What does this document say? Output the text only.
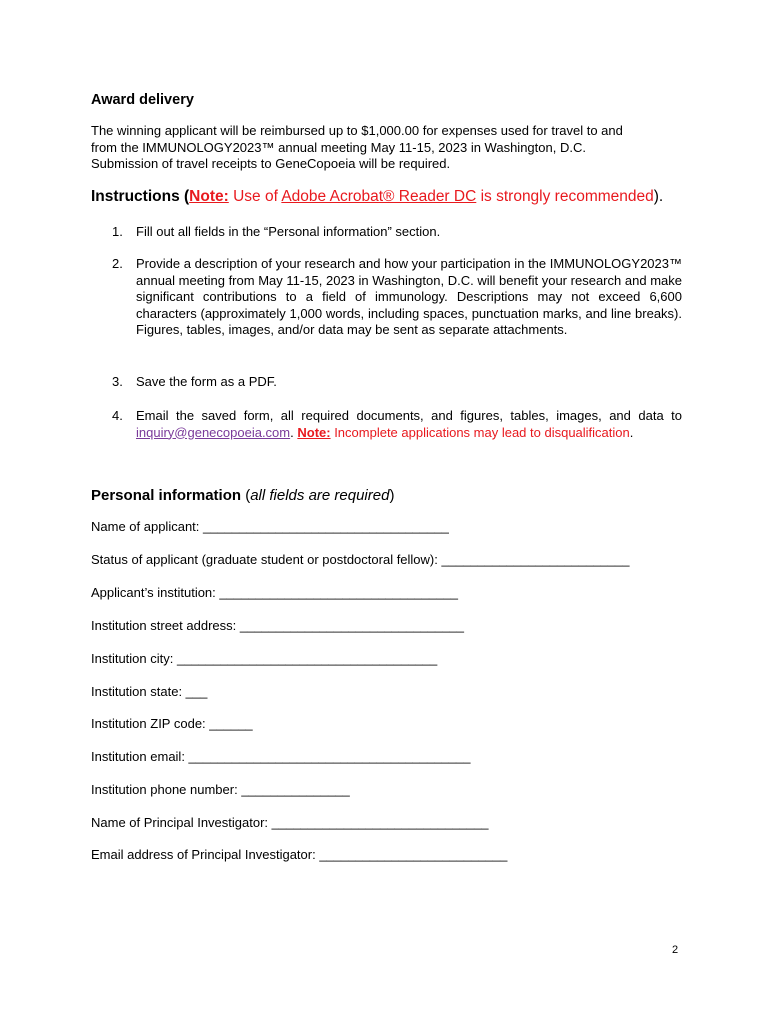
Award delivery

The winning applicant will be reimbursed up to $1,000.00 for expenses used for travel to and
from the IMMUNOLOGY2023™ annual meeting May 11-15, 2023 in Washington, D.C.
Submission of travel receipts to GeneCopoeia will be required.

Instructions (Note: Use of Adobe Acrobat® Reader DC is strongly recommended).
1.	Fill out all fields in the “Personal information” section.
2.	Provide a description of your research and how your participation in the IMMUNOLOGY2023™ annual meeting from May 11-15, 2023 in Washington, D.C. will benefit your research and make significant contributions to a field of immunology. Descriptions may not exceed 6,600 characters (approximately 1,000 words, including spaces, punctuation marks, and line breaks). Figures, tables, images, and/or data may be sent as separate attachments.
3.	Save the form as a PDF.
4.	Email the saved form, all required documents, and figures, tables, images, and data to inquiry@genecopoeia.com. Note: Incomplete applications may lead to disqualification.
Personal information (all fields are required)
Name of applicant: __________________________________
Status of applicant (graduate student or postdoctoral fellow): __________________________
Applicant’s institution: _________________________________
Institution street address: _______________________________
Institution city: ____________________________________
Institution state: ___
Institution ZIP code: ______
Institution email: _______________________________________
Institution phone number: _______________
Name of Principal Investigator: ______________________________
Email address of Principal Investigator: __________________________
2
